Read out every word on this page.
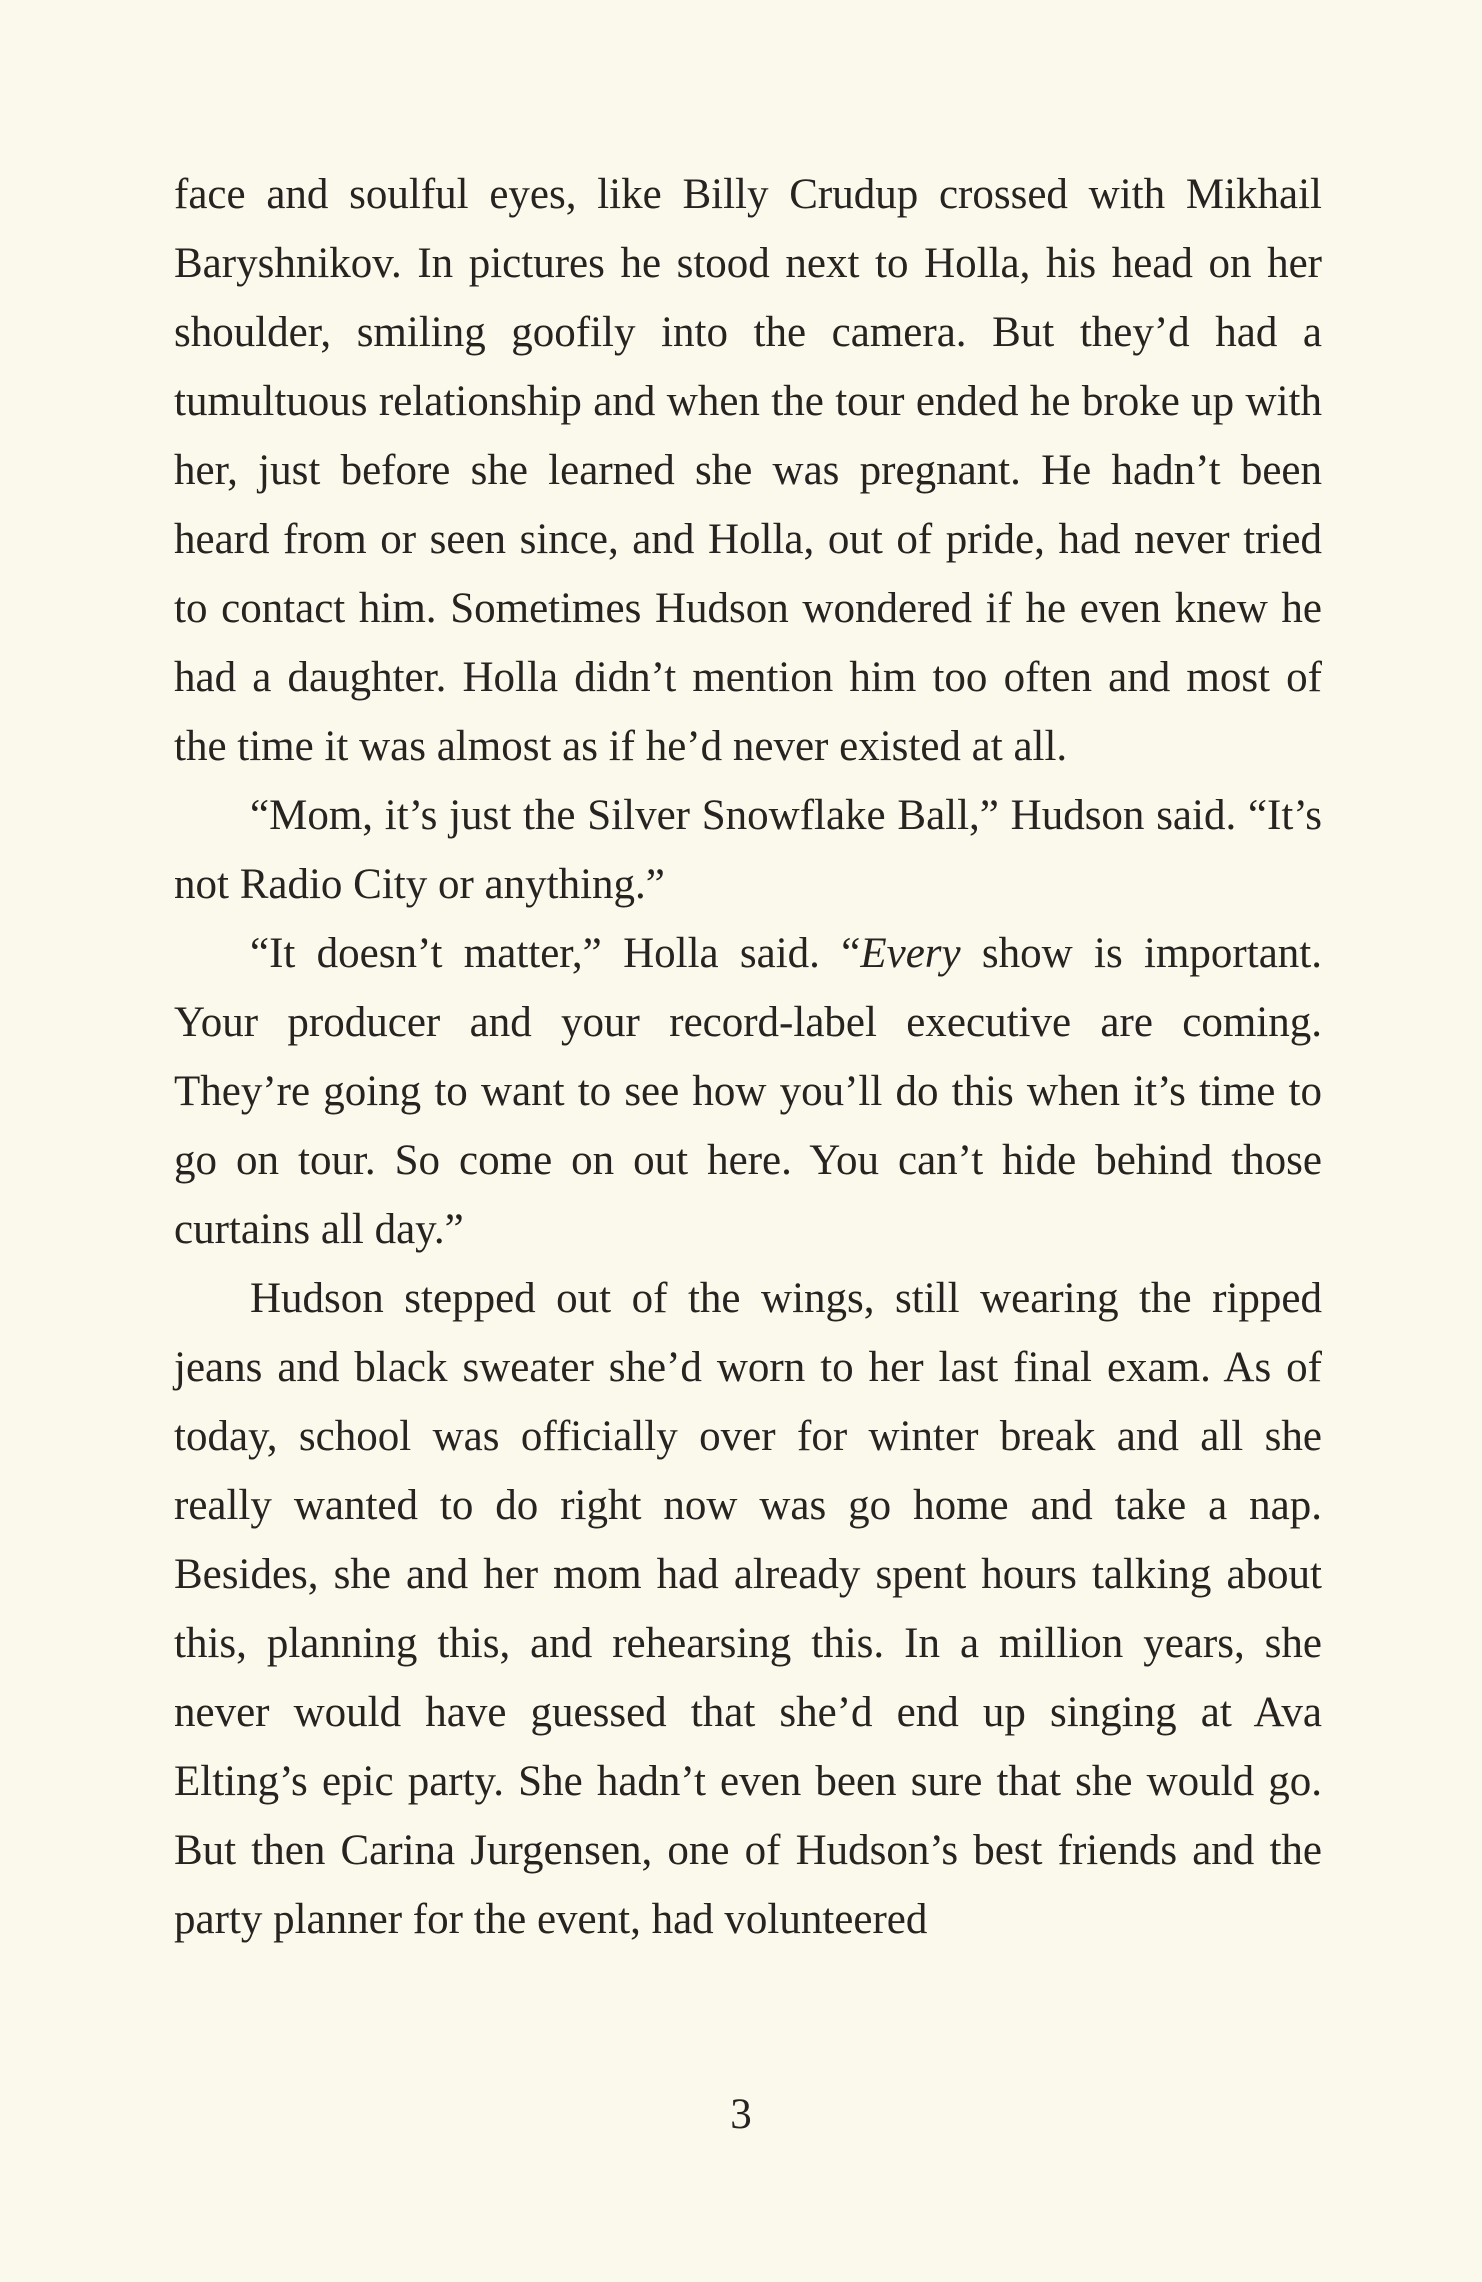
face and soulful eyes, like Billy Crudup crossed with Mikhail Baryshnikov. In pictures he stood next to Holla, his head on her shoulder, smiling goofily into the camera. But they’d had a tumultuous relationship and when the tour ended he broke up with her, just before she learned she was pregnant. He hadn’t been heard from or seen since, and Holla, out of pride, had never tried to contact him. Sometimes Hudson wondered if he even knew he had a daughter. Holla didn’t mention him too often and most of the time it was almost as if he’d never existed at all.

“Mom, it’s just the Silver Snowflake Ball,” Hudson said. “It’s not Radio City or anything.”

“It doesn’t matter,” Holla said. “Every show is important. Your producer and your record-label executive are coming. They’re going to want to see how you’ll do this when it’s time to go on tour. So come on out here. You can’t hide behind those curtains all day.”

Hudson stepped out of the wings, still wearing the ripped jeans and black sweater she’d worn to her last final exam. As of today, school was officially over for winter break and all she really wanted to do right now was go home and take a nap. Besides, she and her mom had already spent hours talking about this, planning this, and rehearsing this. In a million years, she never would have guessed that she’d end up singing at Ava Elting’s epic party. She hadn’t even been sure that she would go. But then Carina Jurgensen, one of Hudson’s best friends and the party planner for the event, had volunteered

3
